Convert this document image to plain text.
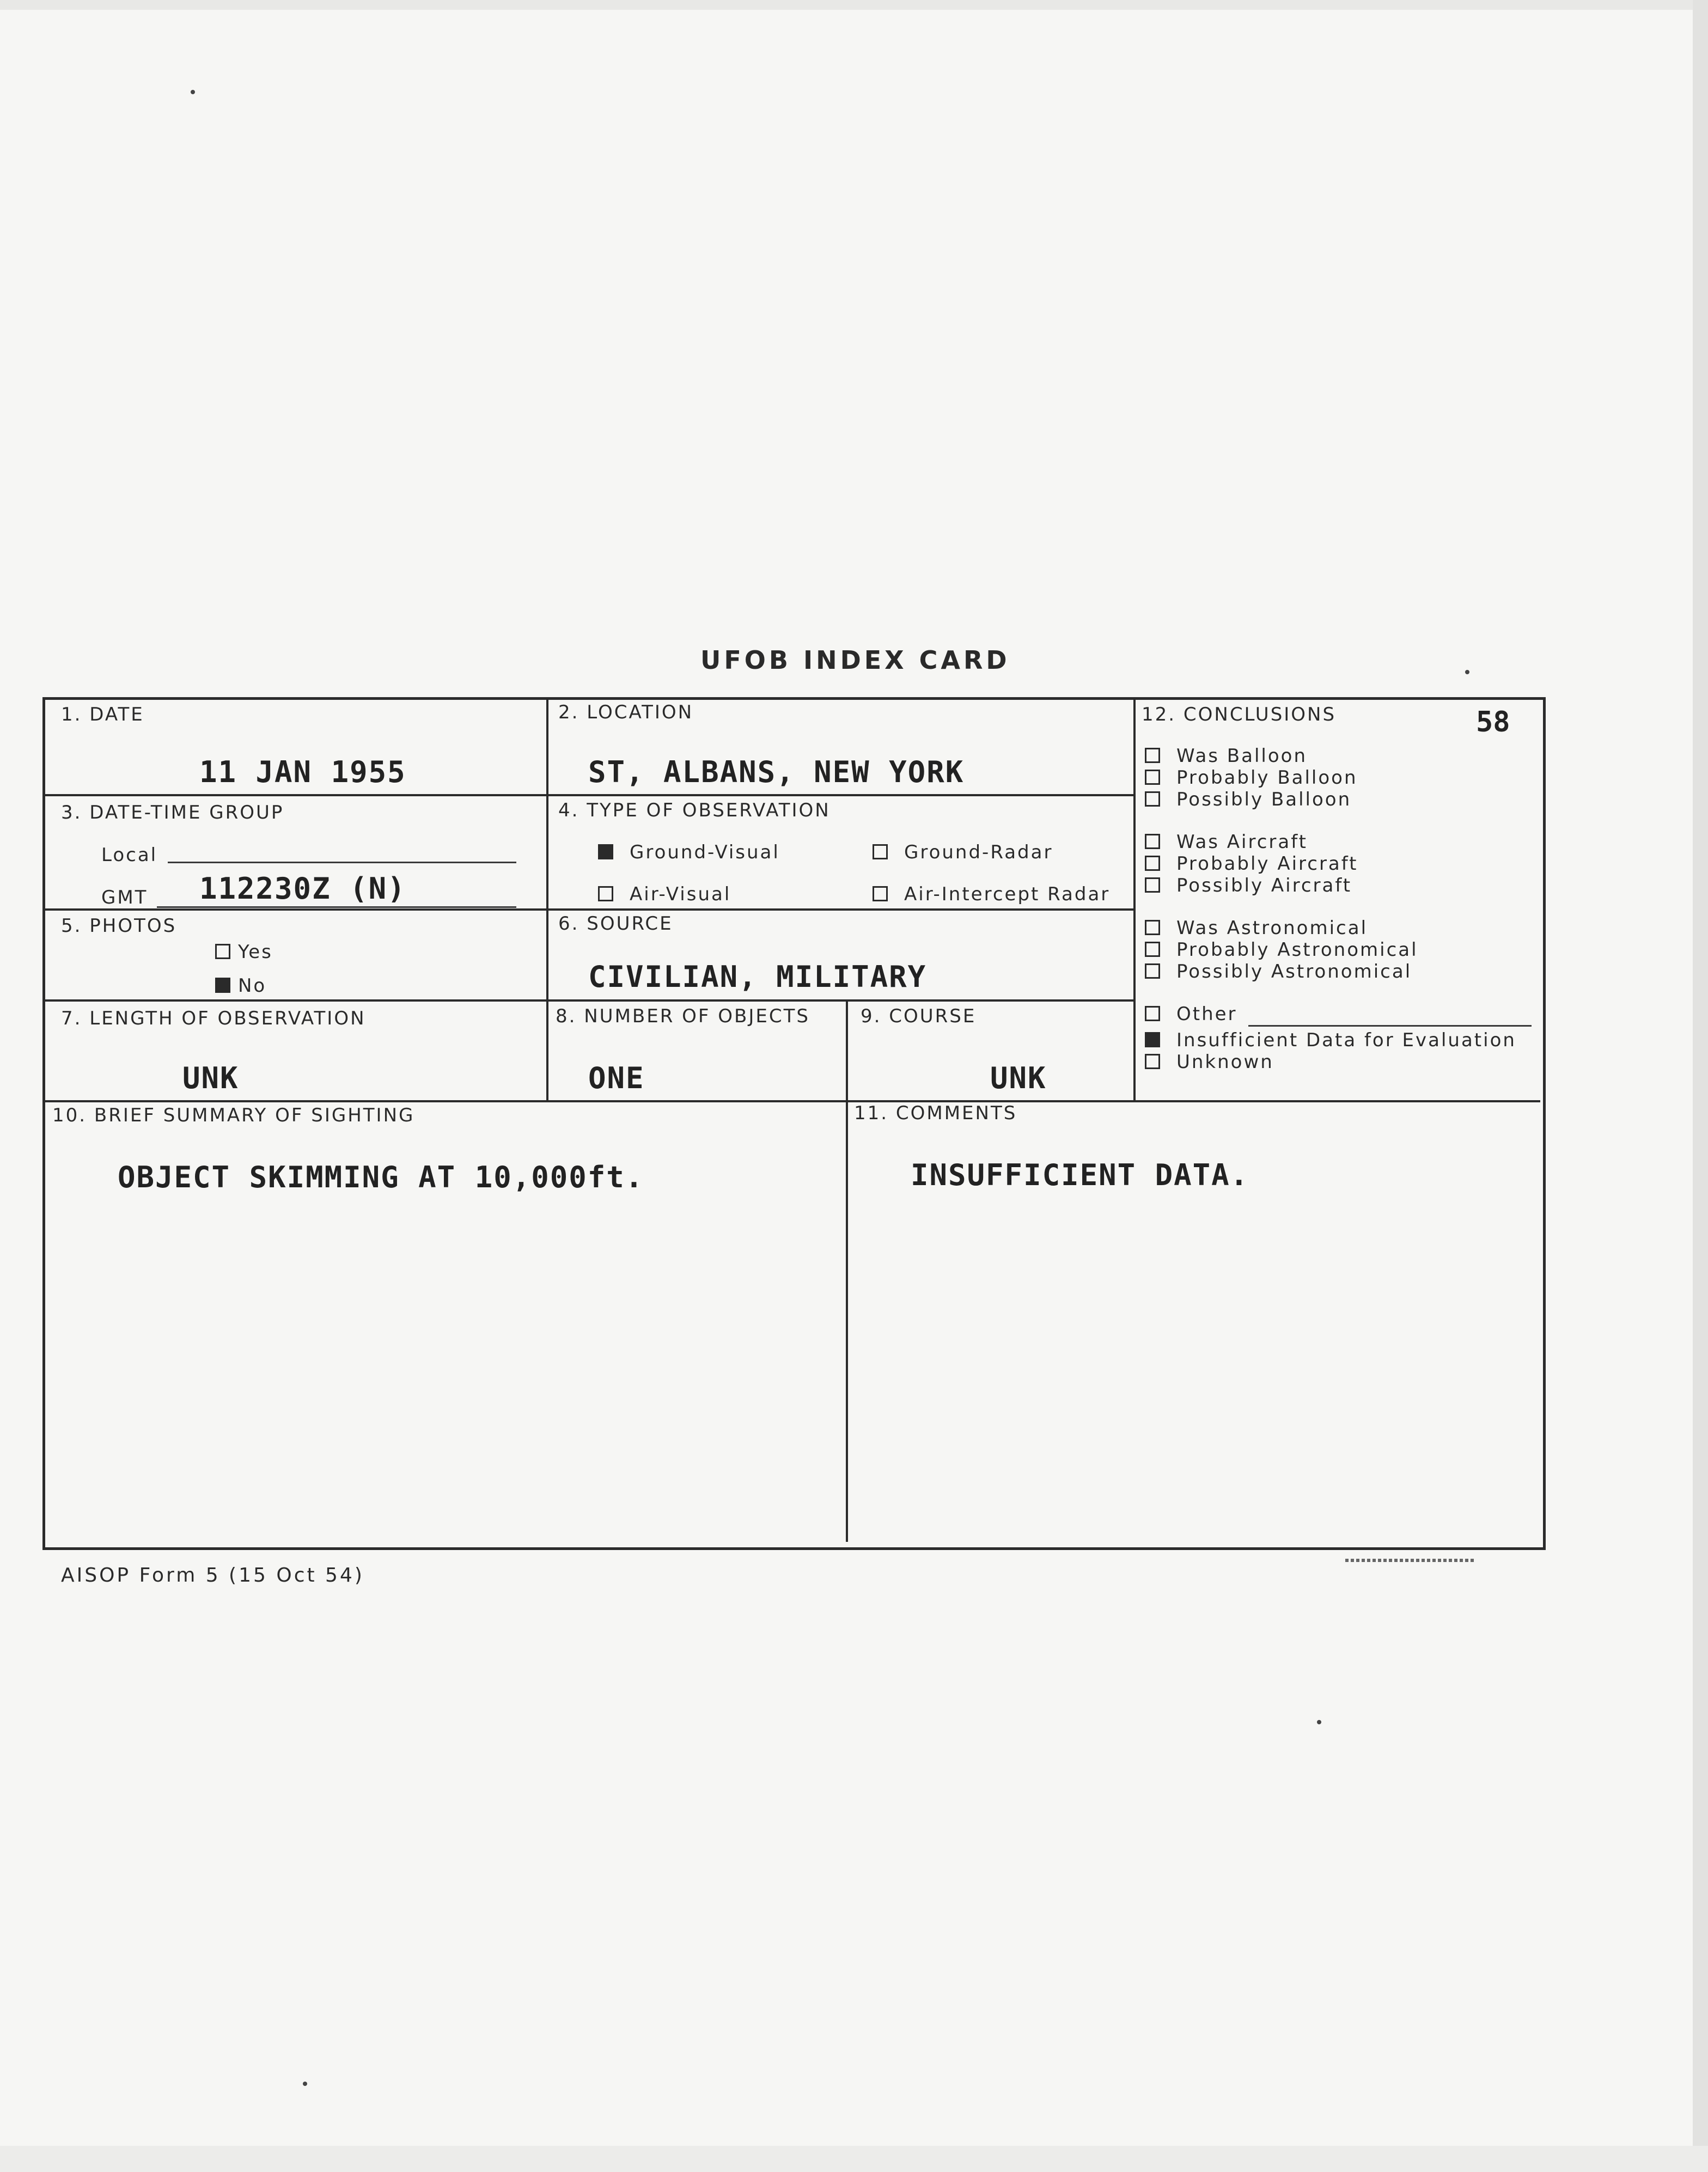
UFOB INDEX CARD
58
1. DATE
11 JAN 1955
2. LOCATION
ST, ALBANS, NEW YORK
3. DATE-TIME GROUP
Local
GMT 112230Z (N)
4. TYPE OF OBSERVATION
Ground-Visual	Ground-Radar
Air-Visual	Air-Intercept Radar
5. PHOTOS
Yes
No
6. SOURCE
CIVILIAN, MILITARY
7. LENGTH OF OBSERVATION
UNK
8. NUMBER OF OBJECTS
ONE
9. COURSE
UNK
10. BRIEF SUMMARY OF SIGHTING
OBJECT SKIMMING AT 10,000ft.
11. COMMENTS
INSUFFICIENT DATA.
12. CONCLUSIONS
Was Balloon
Probably Balloon
Possibly Balloon
Was Aircraft
Probably Aircraft
Possibly Aircraft
Was Astronomical
Probably Astronomical
Possibly Astronomical
Other
Insufficient Data for Evaluation
Unknown
AISOP Form 5 (15 Oct 54)
